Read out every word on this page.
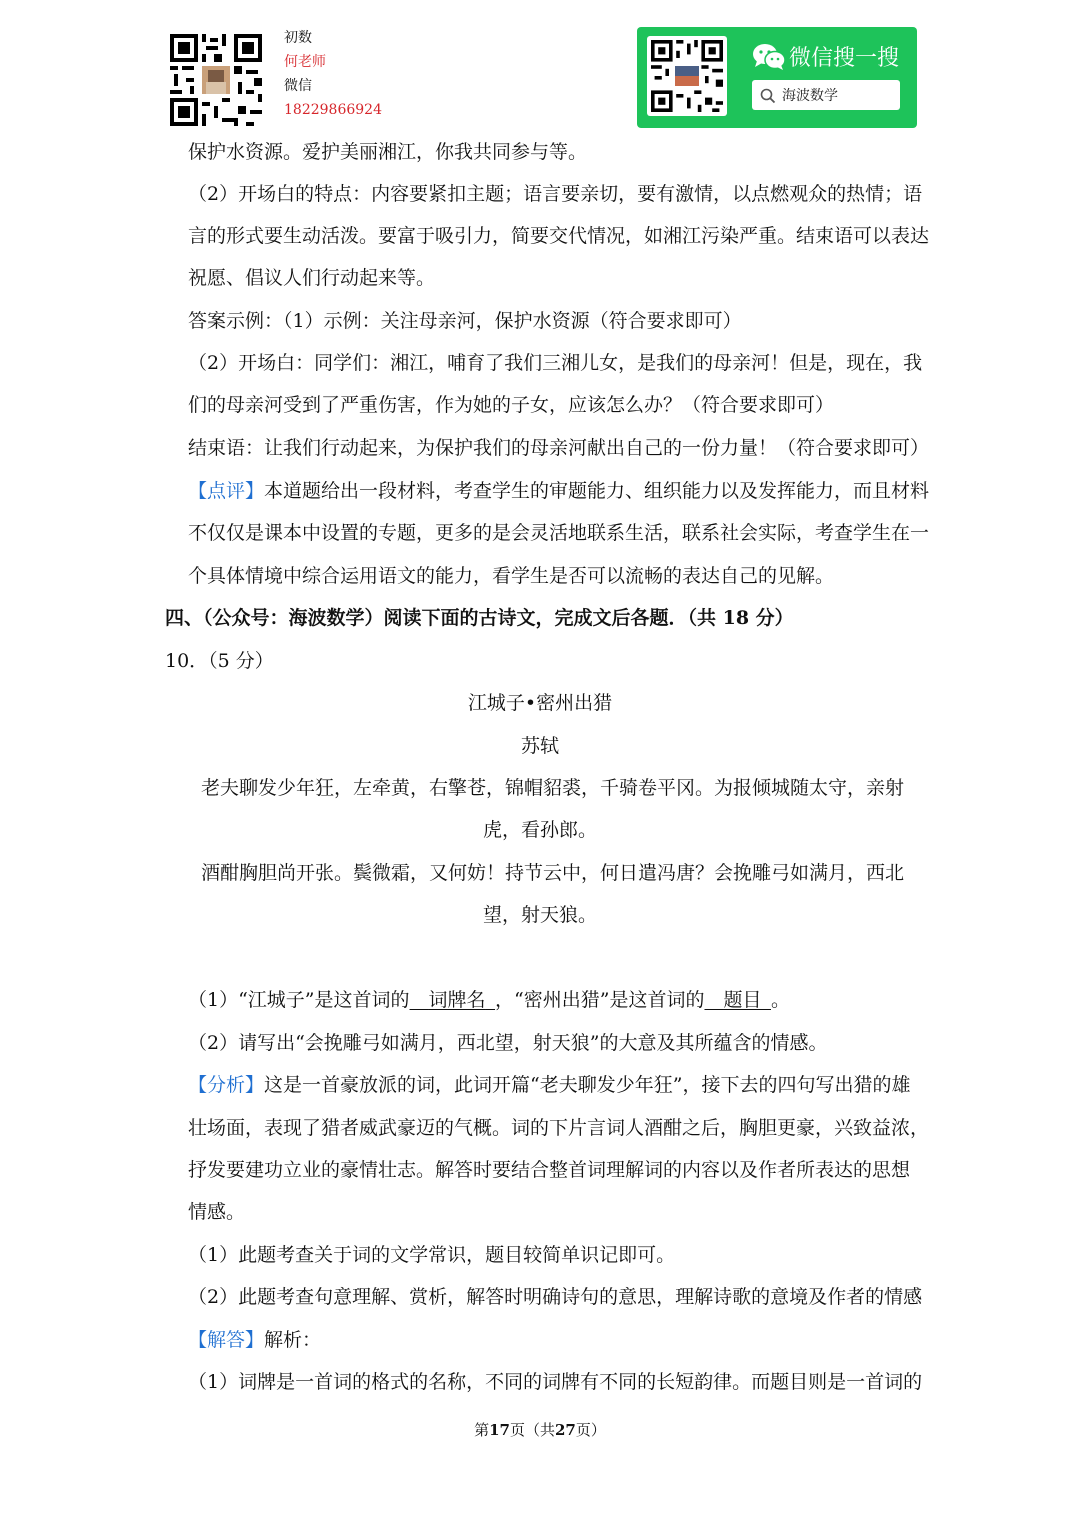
初数
何老师
微信
18229866924
微信搜一搜
海波数学
保护水资源。爱护美丽湘江，你我共同参与等。
（2）开场白的特点：内容要紧扣主题；语言要亲切，要有激情，以点燃观众的热情；语
言的形式要生动活泼。要富于吸引力，简要交代情况，如湘江污染严重。结束语可以表达
祝愿、倡议人们行动起来等。
答案示例：（1）示例：关注母亲河，保护水资源（符合要求即可）
（2）开场白：同学们：湘江，哺育了我们三湘儿女，是我们的母亲河！但是，现在，我
们的母亲河受到了严重伤害，作为她的子女，应该怎么办？（符合要求即可）
结束语：让我们行动起来，为保护我们的母亲河献出自己的一份力量！（符合要求即可）
【点评】本道题给出一段材料，考查学生的审题能力、组织能力以及发挥能力，而且材料
不仅仅是课本中设置的专题，更多的是会灵活地联系生活，联系社会实际，考查学生在一
个具体情境中综合运用语文的能力，看学生是否可以流畅的表达自己的见解。
四、（公众号：海波数学）阅读下面的古诗文，完成文后各题．（共 18 分）
10．（5 分）
江城子•密州出猎
苏轼
老夫聊发少年狂，左牵黄，右擎苍，锦帽貂裘，千骑卷平冈。为报倾城随太守，亲射
虎，看孙郎。
酒酣胸胆尚开张。鬓微霜，又何妨！持节云中，何日遣冯唐？会挽雕弓如满月，西北
望，射天狼。
（1）“江城子”是这首词的  词牌名  ，“密州出猎”是这首词的  题目  。
（2）请写出“会挽雕弓如满月，西北望，射天狼”的大意及其所蕴含的情感。
【分析】这是一首豪放派的词，此词开篇“老夫聊发少年狂”，接下去的四句写出猎的雄
壮场面，表现了猎者威武豪迈的气概。词的下片言词人酒酣之后，胸胆更豪，兴致益浓，
抒发要建功立业的豪情壮志。解答时要结合整首词理解词的内容以及作者所表达的思想
情感。
（1）此题考查关于词的文学常识，题目较简单识记即可。
（2）此题考查句意理解、赏析，解答时明确诗句的意思，理解诗歌的意境及作者的情感
【解答】解析：
（1）词牌是一首词的格式的名称，不同的词牌有不同的长短韵律。而题目则是一首词的
第17页（共27页）
